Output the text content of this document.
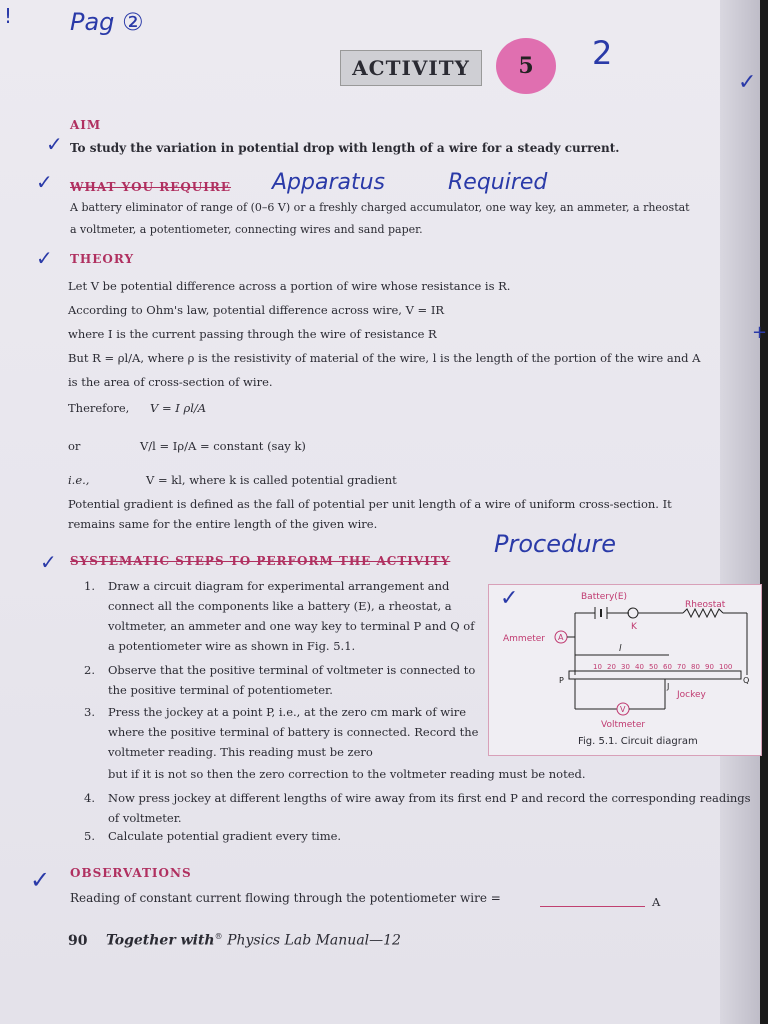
! Pag ②
ACTIVITY	5 2
✓
AIM
✓ To study the variation in potential drop with length of a wire for a steady current.
✓ WHAT YOU REQUIRE Apparatus Required
A battery eliminator of range of (0–6 V) or a freshly charged accumulator, one way key, an ammeter, a rheostat
a voltmeter, a potentiometer, connecting wires and sand paper.
✓ THEORY
Let V be potential difference across a portion of wire whose resistance is R.
According to Ohm's law, potential difference across wire, V = IR
where I is the current passing through the wire of resistance R
But R = ρl/A, where ρ is the resistivity of material of the wire, l is the length of the portion of the wire and A
is the area of cross-section of wire.
+
Therefore,	V = I ρl/A
or	V/l = Iρ/A = constant (say k)
i.e.,	V = kl, where k is called potential gradient
Potential gradient is defined as the fall of potential per unit length of a wire of uniform cross-section. It
remains same for the entire length of the given wire.
✓ SYSTEMATIC STEPS TO PERFORM THE ACTIVITY
Procedure
1. Draw a circuit diagram for experimental arrangement and connect all the components like a battery (E), a rheostat, a voltmeter, an ammeter and one way key to terminal P and Q of a potentiometer wire as shown in Fig. 5.1.
2. Observe that the positive terminal of voltmeter is connected to the positive terminal of potentiometer.
3. Press the jockey at a point P, i.e., at the zero cm mark of wire where the positive terminal of battery is connected. Record the voltmeter reading. This reading must be zero
but if it is not so then the zero correction to the voltmeter reading must be noted.
4. Now press jockey at different lengths of wire away from its first end P and record the corresponding readings of voltmeter.
5. Calculate potential gradient every time.
Battery(E)
Rheostat
K
Ammeter A
l
10 20 30 40 50 60 70 80 90 100
P	Q
J
Jockey
V
Voltmeter
✓
Fig. 5.1. Circuit diagram
✓ OBSERVATIONS
Reading of constant current flowing through the potentiometer wire =	A
90 Together with® Physics Lab Manual—12
